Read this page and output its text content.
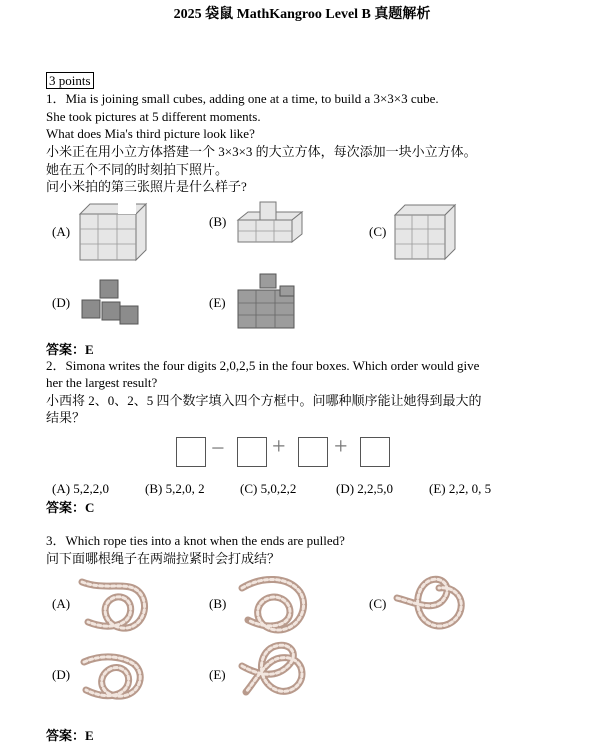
2025 袋鼠 MathKangroo Level B 真题解析
3 points
1．Mia is joining small cubes, adding one at a time, to build a 3×3×3 cube.
She took pictures at 5 different moments.
What does Mia's third picture look like?
小米正在用小立方体搭建一个 3×3×3 的大立方体，每次添加一块小立方体。
她在五个不同的时刻拍下照片。
问小米拍的第三张照片是什么样子?
(A)
(B)
(C)
(D)	(E)
答案：E
2．Simona writes the four digits 2,0,2,5 in the four boxes. Which order would give
her the largest result?
小西将 2、0、2、5 四个数字填入四个方框中。问哪种顺序能让她得到最大的
结果？
− + +
(A) 5,2,2,0	(B) 5,2,0, 2	(C) 5,0,2,2	(D) 2,2,5,0	(E) 2,2, 0, 5
答案：C
3．Which rope ties into a knot when the ends are pulled?
问下面哪根绳子在两端拉紧时会打成结？
(A)	(B)	(C)
(D)	(E)
答案：E
